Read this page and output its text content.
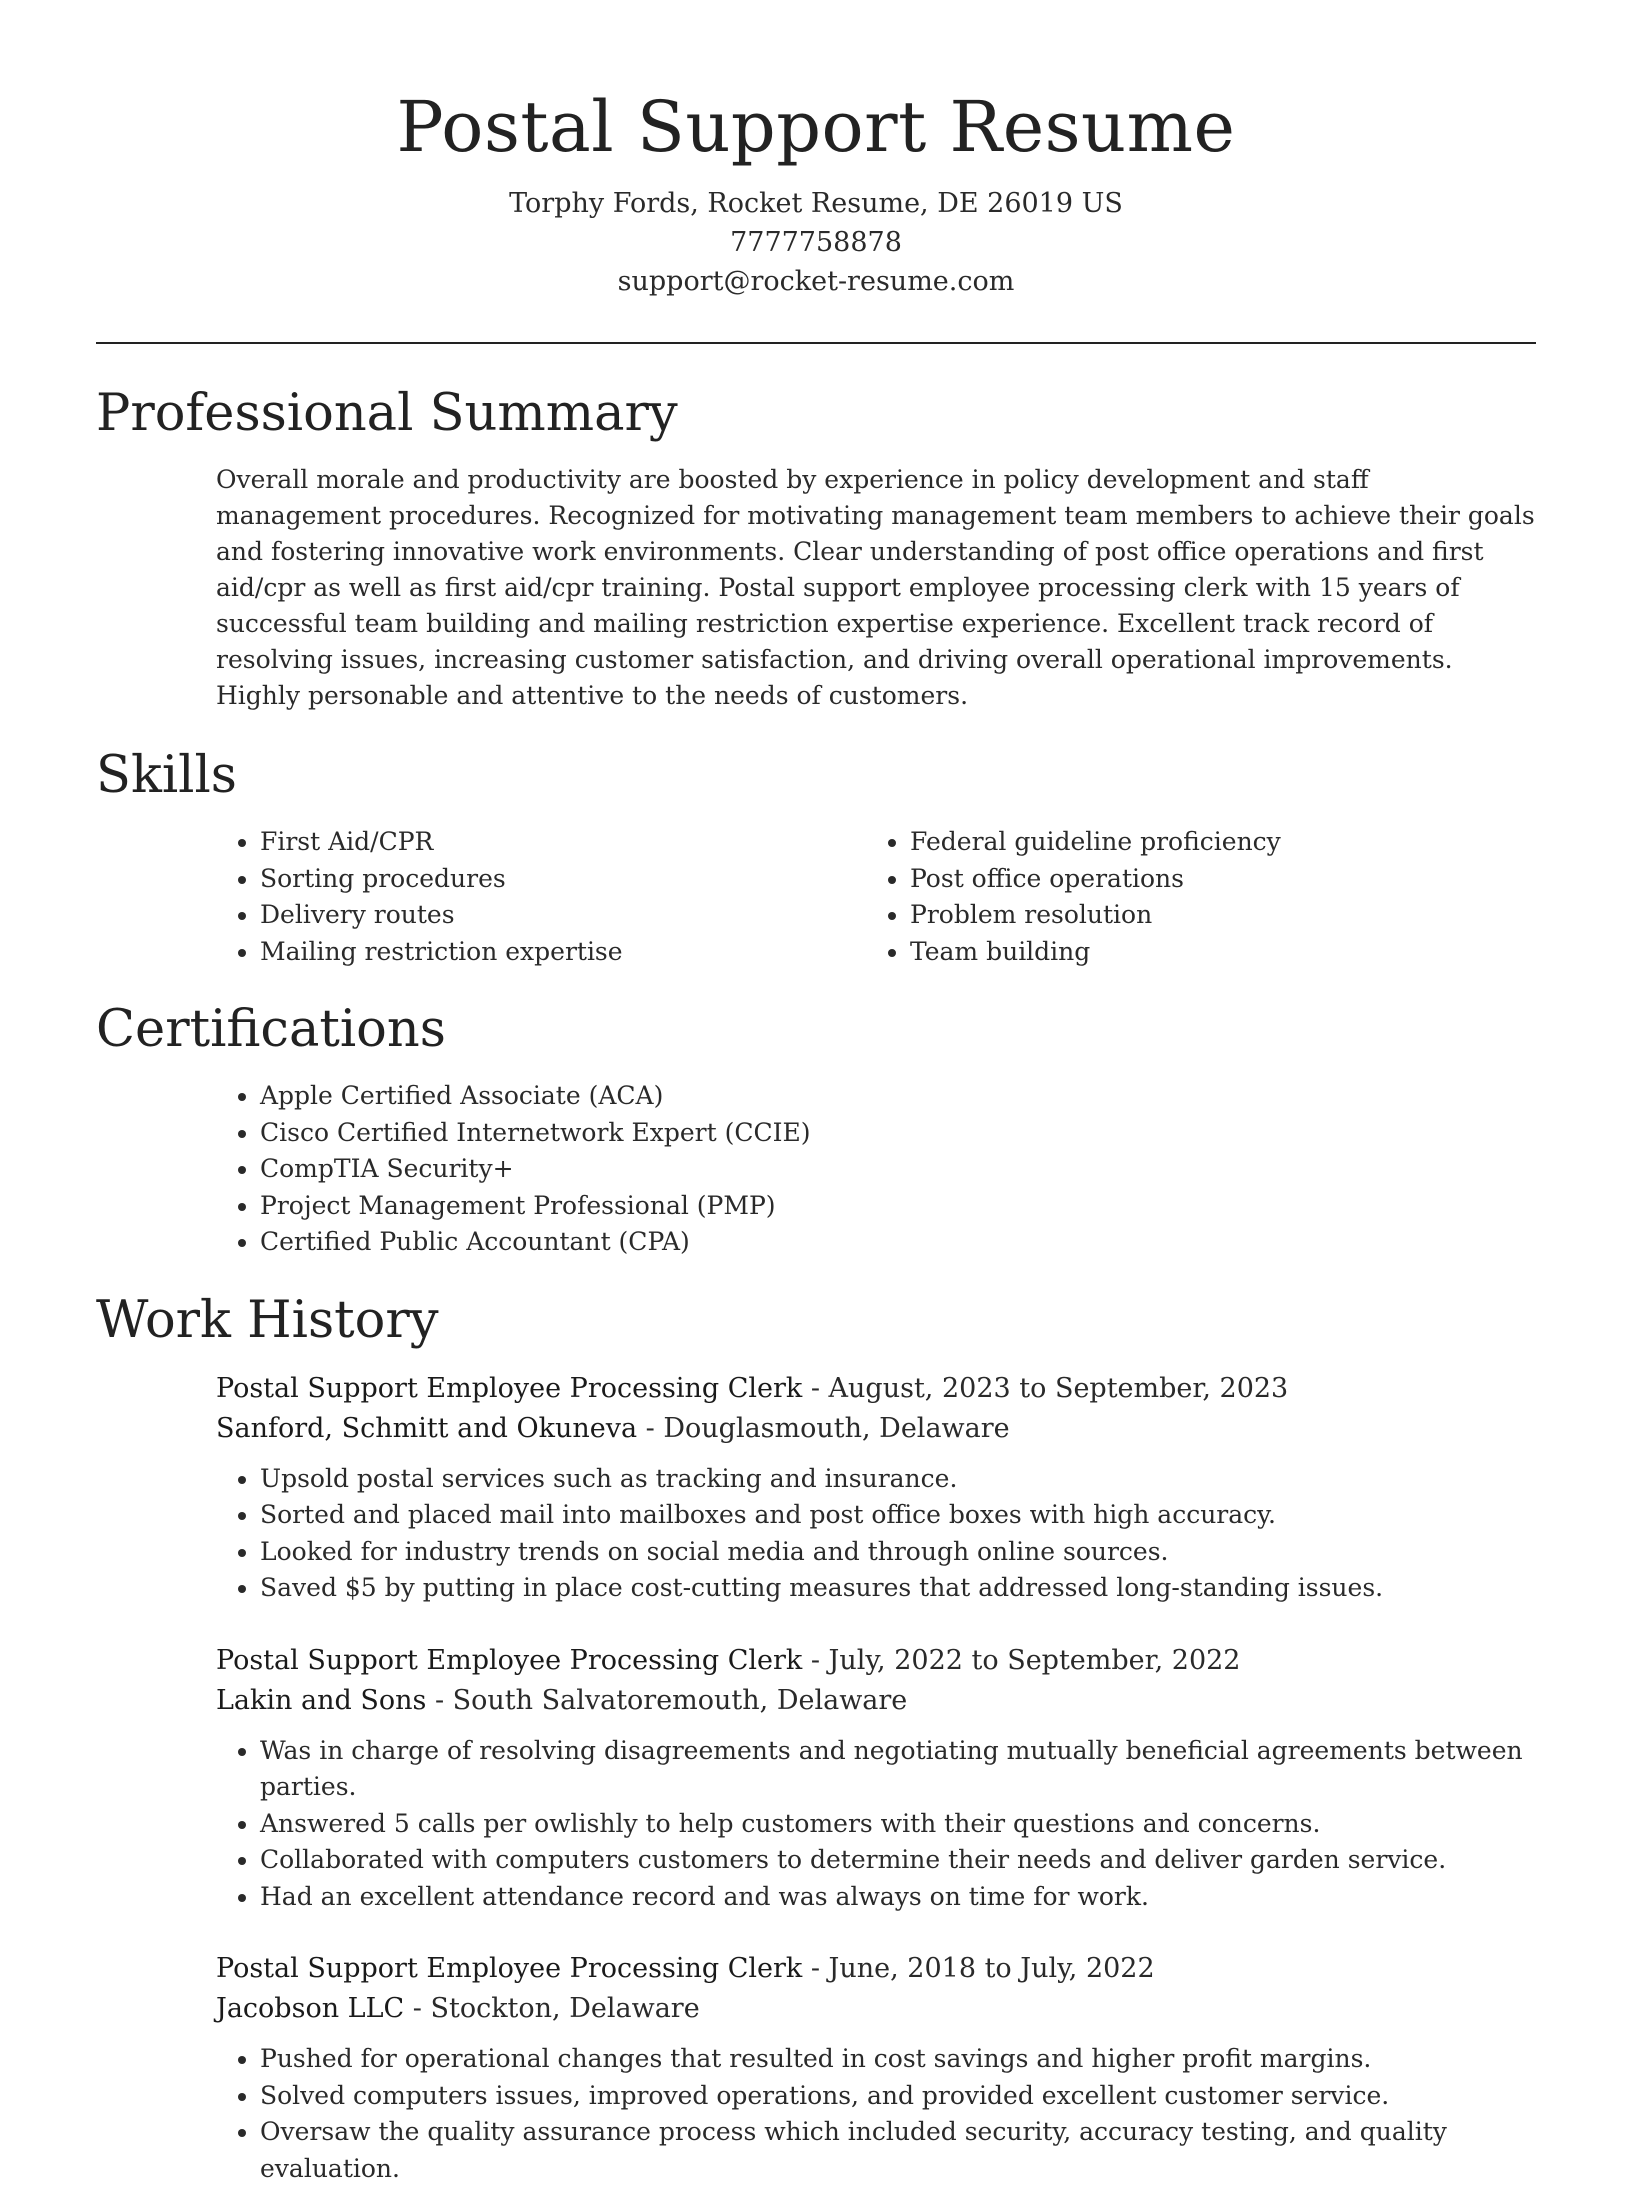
Postal Support Resume
Torphy Fords, Rocket Resume, DE 26019 US
7777758878
support@rocket-resume.com
Professional Summary

Overall morale and productivity are boosted by experience in policy development and staff management procedures. Recognized for motivating management team members to achieve their goals and fostering innovative work environments. Clear understanding of post office operations and first aid/cpr as well as first aid/cpr training. Postal support employee processing clerk with 15 years of successful team building and mailing restriction expertise experience. Excellent track record of resolving issues, increasing customer satisfaction, and driving overall operational improvements. Highly personable and attentive to the needs of customers.

Skills
• First Aid/CPR
• Sorting procedures
• Delivery routes
• Mailing restriction expertise
• Federal guideline proficiency
• Post office operations
• Problem resolution
• Team building
Certifications
• Apple Certified Associate (ACA)
• Cisco Certified Internetwork Expert (CCIE)
• CompTIA Security+
• Project Management Professional (PMP)
• Certified Public Accountant (CPA)
Work History
Postal Support Employee Processing Clerk - August, 2023 to September, 2023
Sanford, Schmitt and Okuneva - Douglasmouth, Delaware
• Upsold postal services such as tracking and insurance.
• Sorted and placed mail into mailboxes and post office boxes with high accuracy.
• Looked for industry trends on social media and through online sources.
• Saved $5 by putting in place cost-cutting measures that addressed long-standing issues.
Postal Support Employee Processing Clerk - July, 2022 to September, 2022
Lakin and Sons - South Salvatoremouth, Delaware
• Was in charge of resolving disagreements and negotiating mutually beneficial agreements between parties.
• Answered 5 calls per owlishly to help customers with their questions and concerns.
• Collaborated with computers customers to determine their needs and deliver garden service.
• Had an excellent attendance record and was always on time for work.
Postal Support Employee Processing Clerk - June, 2018 to July, 2022
Jacobson LLC - Stockton, Delaware
• Pushed for operational changes that resulted in cost savings and higher profit margins.
• Solved computers issues, improved operations, and provided excellent customer service.
• Oversaw the quality assurance process which included security, accuracy testing, and quality evaluation.
